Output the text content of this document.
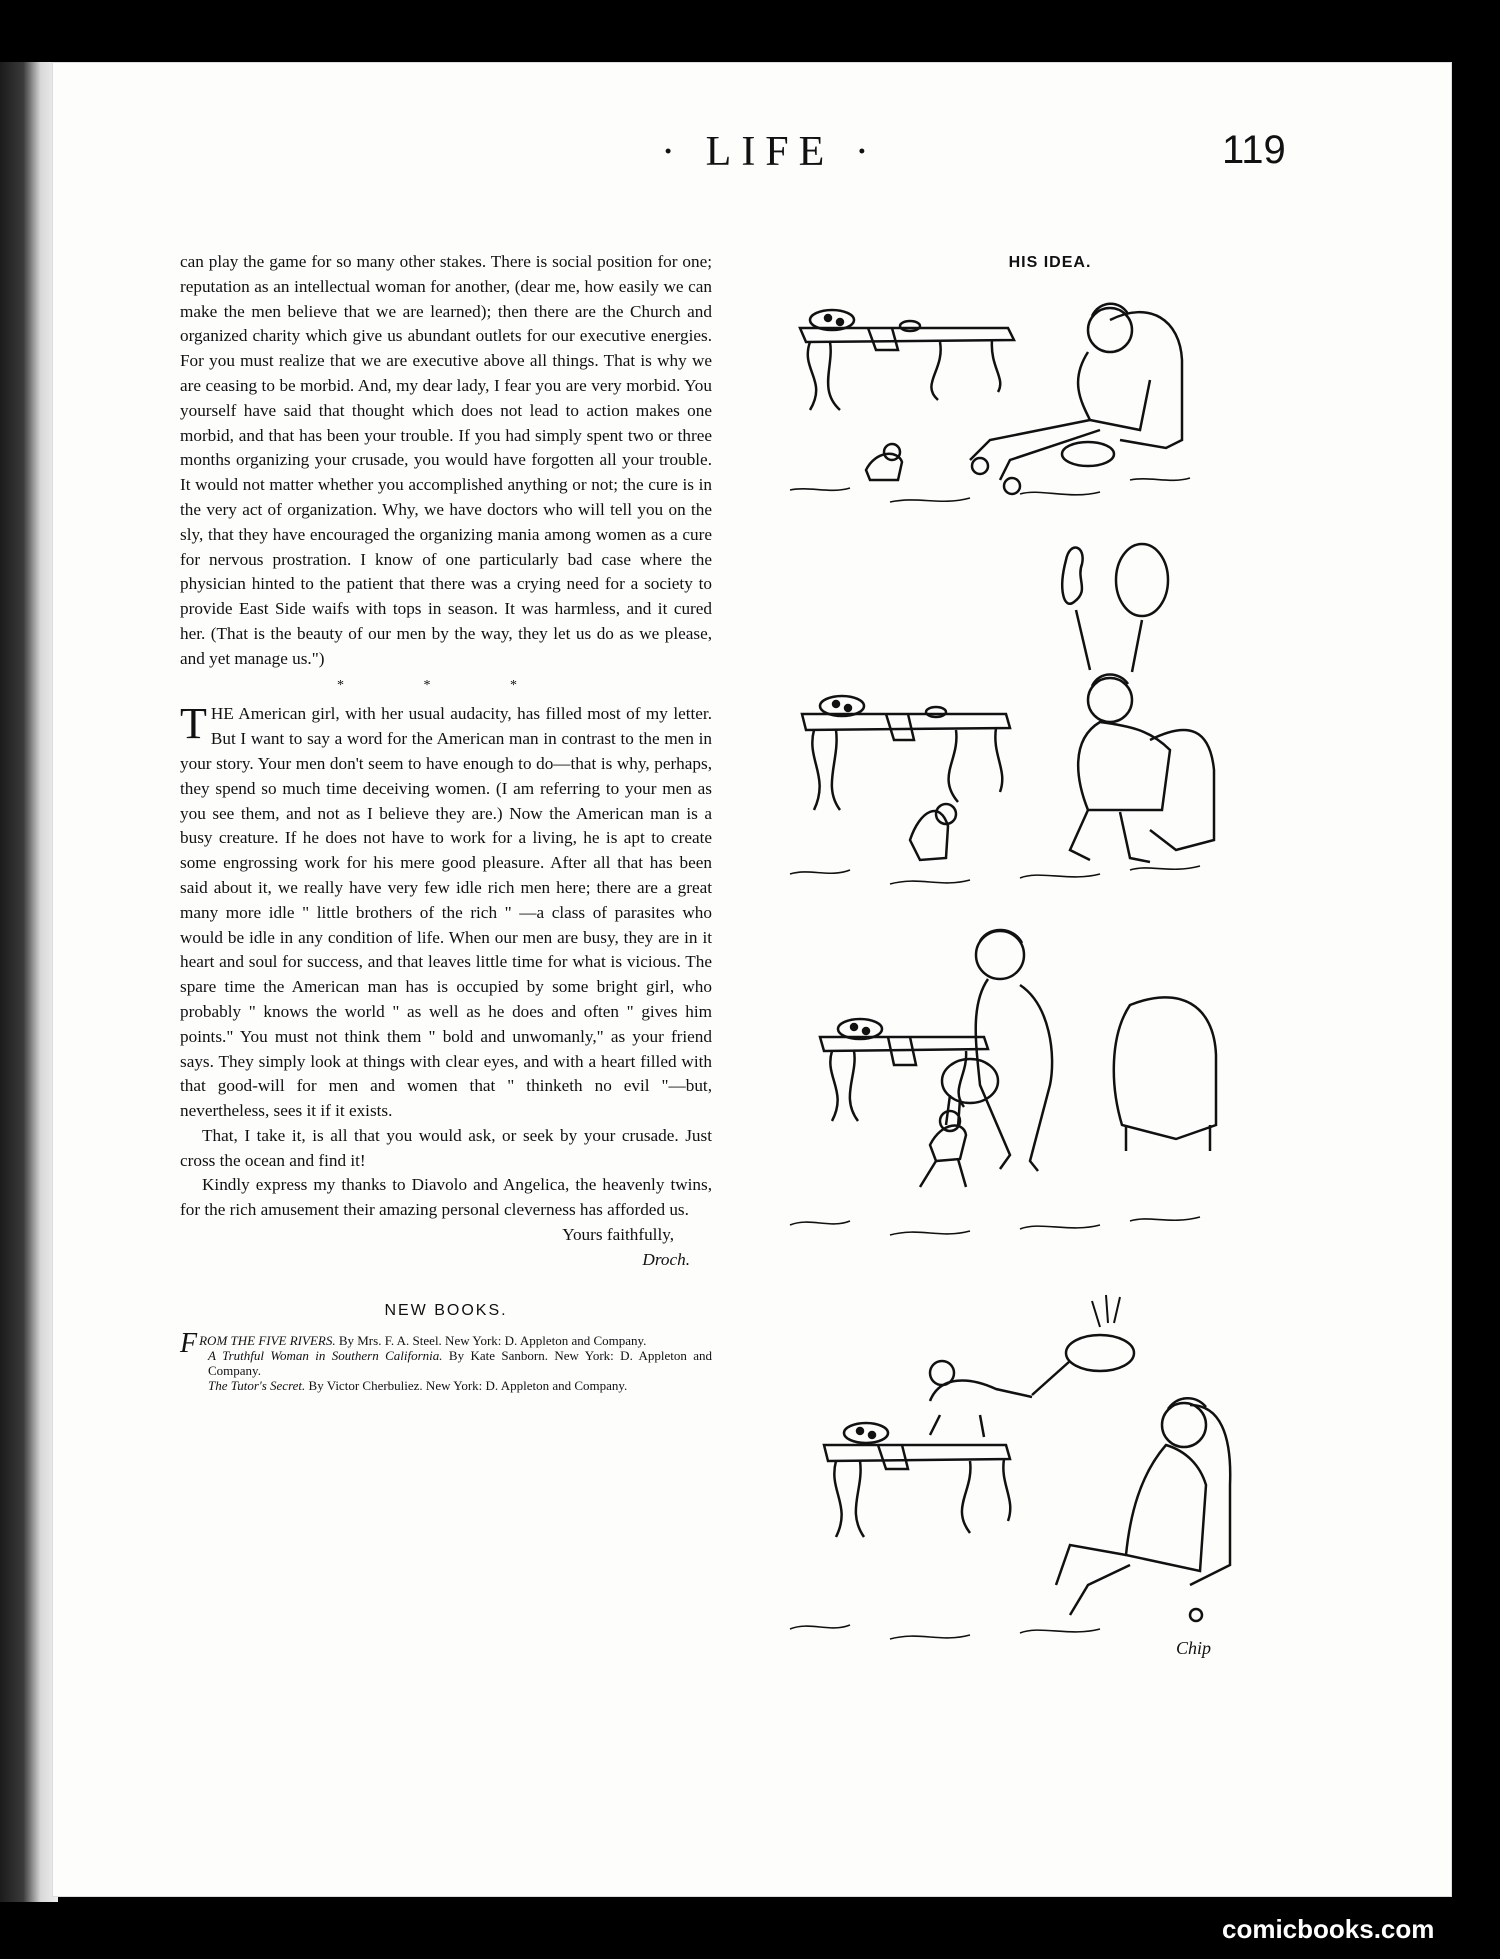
· LIFE ·	119

can play the game for so many other stakes. There is social position for one; reputation as an intellectual woman for another, (dear me, how easily we can make the men believe that we are learned); then there are the Church and organized charity which give us abundant outlets for our executive energies. For you must realize that we are executive above all things. That is why we are ceasing to be morbid. And, my dear lady, I fear you are very morbid. You yourself have said that thought which does not lead to action makes one morbid, and that has been your trouble. If you had simply spent two or three months organizing your crusade, you would have forgotten all your trouble. It would not matter whether you accomplished anything or not; the cure is in the very act of organization. Why, we have doctors who will tell you on the sly, that they have encouraged the organizing mania among women as a cure for nervous prostration. I know of one particularly bad case where the physician hinted to the patient that there was a crying need for a society to provide East Side waifs with tops in season. It was harmless, and it cured her. (That is the beauty of our men by the way, they let us do as we please, and yet manage us.")

* * *

THE American girl, with her usual audacity, has filled most of my letter. But I want to say a word for the American man in contrast to the men in your story. Your men don't seem to have enough to do—that is why, perhaps, they spend so much time deceiving women. (I am referring to your men as you see them, and not as I believe they are.) Now the American man is a busy creature. If he does not have to work for a living, he is apt to create some engrossing work for his mere good pleasure. After all that has been said about it, we really have very few idle rich men here; there are a great many more idle " little brothers of the rich " —a class of parasites who would be idle in any condition of life. When our men are busy, they are in it heart and soul for success, and that leaves little time for what is vicious. The spare time the American man has is occupied by some bright girl, who probably " knows the world " as well as he does and often " gives him points." You must not think them " bold and unwomanly," as your friend says. They simply look at things with clear eyes, and with a heart filled with that good-will for men and women that " thinketh no evil "—but, nevertheless, sees it if it exists.

That, I take it, is all that you would ask, or seek by your crusade. Just cross the ocean and find it!

Kindly express my thanks to Diavolo and Angelica, the heavenly twins, for the rich amusement their amazing personal cleverness has afforded us.

Yours faithfully,

Droch.

NEW BOOKS.

FROM THE FIVE RIVERS. By Mrs. F. A. Steel. New York: D. Appleton and Company.

A Truthful Woman in Southern California. By Kate Sanborn. New York: D. Appleton and Company.

The Tutor's Secret. By Victor Cherbuliez. New York: D. Appleton and Company.

HIS IDEA.
Chip
comicbooks.com
